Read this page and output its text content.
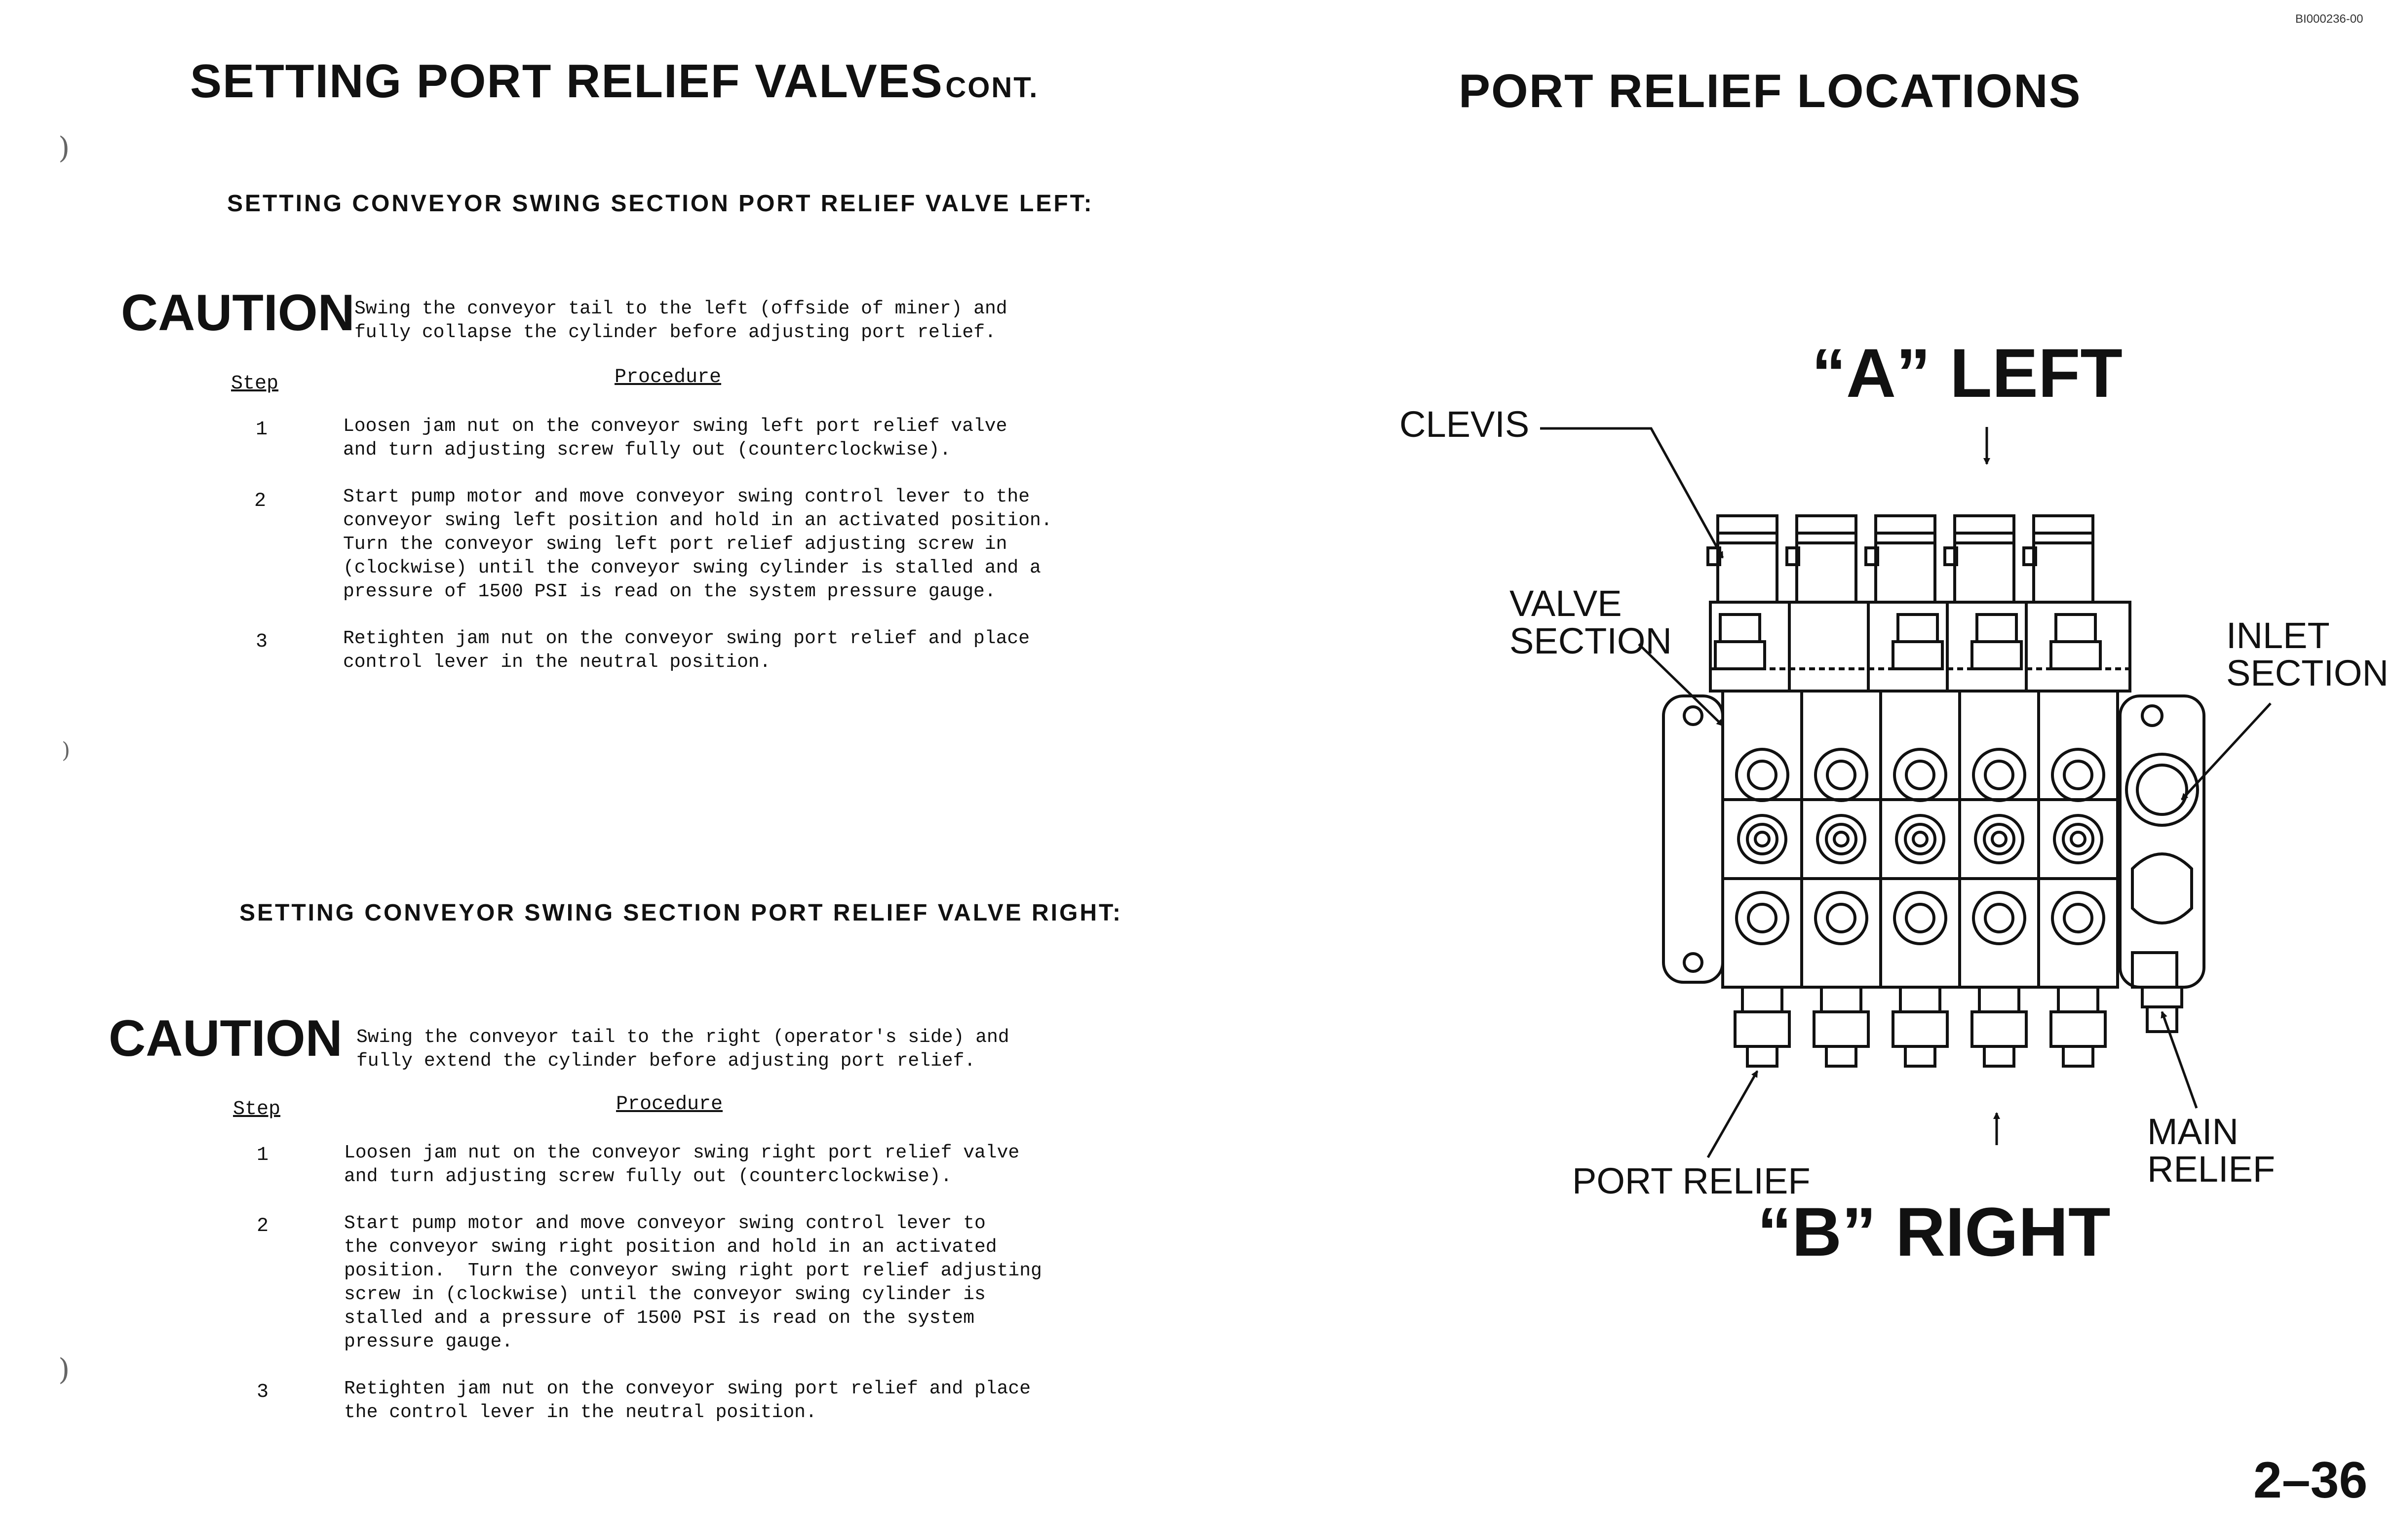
SETTING PORT RELIEF VALVES CONT.
SETTING CONVEYOR SWING SECTION PORT RELIEF VALVE LEFT:
CAUTION Swing the conveyor tail to the left (offside of miner) and
fully collapse the cylinder before adjusting port relief.
Step	Procedure
1	Loosen jam nut on the conveyor swing left port relief valve
and turn adjusting screw fully out (counterclockwise).
2	Start pump motor and move conveyor swing control lever to the
conveyor swing left position and hold in an activated position.
Turn the conveyor swing left port relief adjusting screw in
(clockwise) until the conveyor swing cylinder is stalled and a
pressure of 1500 PSI is read on the system pressure gauge.
3	Retighten jam nut on the conveyor swing port relief and place
control lever in the neutral position.
SETTING CONVEYOR SWING SECTION PORT RELIEF VALVE RIGHT:
CAUTION Swing the conveyor tail to the right (operator's side) and
fully extend the cylinder before adjusting port relief.
Step	Procedure
1	Loosen jam nut on the conveyor swing right port relief valve
and turn adjusting screw fully out (counterclockwise).
2	Start pump motor and move conveyor swing control lever to
the conveyor swing right position and hold in an activated
position.  Turn the conveyor swing right port relief adjusting
screw in (clockwise) until the conveyor swing cylinder is
stalled and a pressure of 1500 PSI is read on the system
pressure gauge.
3	Retighten jam nut on the conveyor swing port relief and place
the control lever in the neutral position.
)
)
)
BI000236-00
PORT RELIEF LOCATIONS
“A” LEFT
“B” RIGHT
CLEVIS
VALVE
SECTION	INLET
SECTION
PORT RELIEF
MAIN
RELIEF
2–36
